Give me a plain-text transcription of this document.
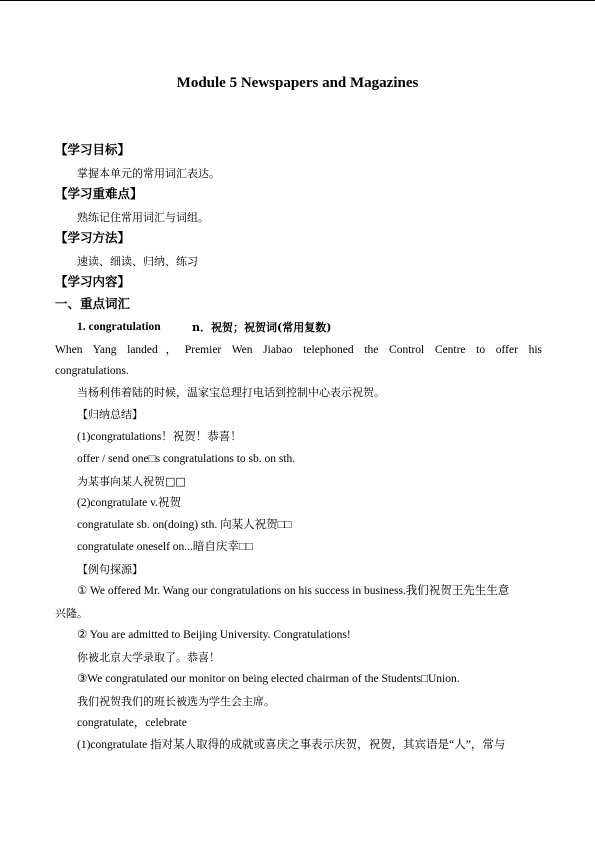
Module 5 Newspapers and Magazines
【学习目标】
掌握本单元的常用词汇表达。
【学习重难点】
熟练记住常用词汇与词组。
【学习方法】
速读、细读、归纳、练习
【学习内容】
一、重点词汇
1. congratulation	n．祝贺；祝贺词(常用复数)
When Yang landed，Premier Wen Jiabao telephoned the Control Centre to offer his
congratulations.
当杨利伟着陆的时候，温家宝总理打电话到控制中心表示祝贺。
【归纳总结】
(1)congratulations！祝贺！恭喜！
offer / send one□s congratulations to sb. on sth.
为某事向某人祝贺□□
(2)congratulate v.祝贺
congratulate sb. on(doing) sth. 向某人祝贺□□
congratulate oneself on...暗自庆幸□□
【例句探源】
① We offered Mr. Wang our congratulations on his success in business.我们祝贺王先生生意
兴隆。
② You are admitted to Beijing University. Congratulations!
你被北京大学录取了。恭喜！
③We congratulated our monitor on being elected chairman of the Students□Union.
我们祝贺我们的班长被选为学生会主席。
congratulate，celebrate
(1)congratulate 指对某人取得的成就或喜庆之事表示庆贺，祝贺，其宾语是“人”，常与
